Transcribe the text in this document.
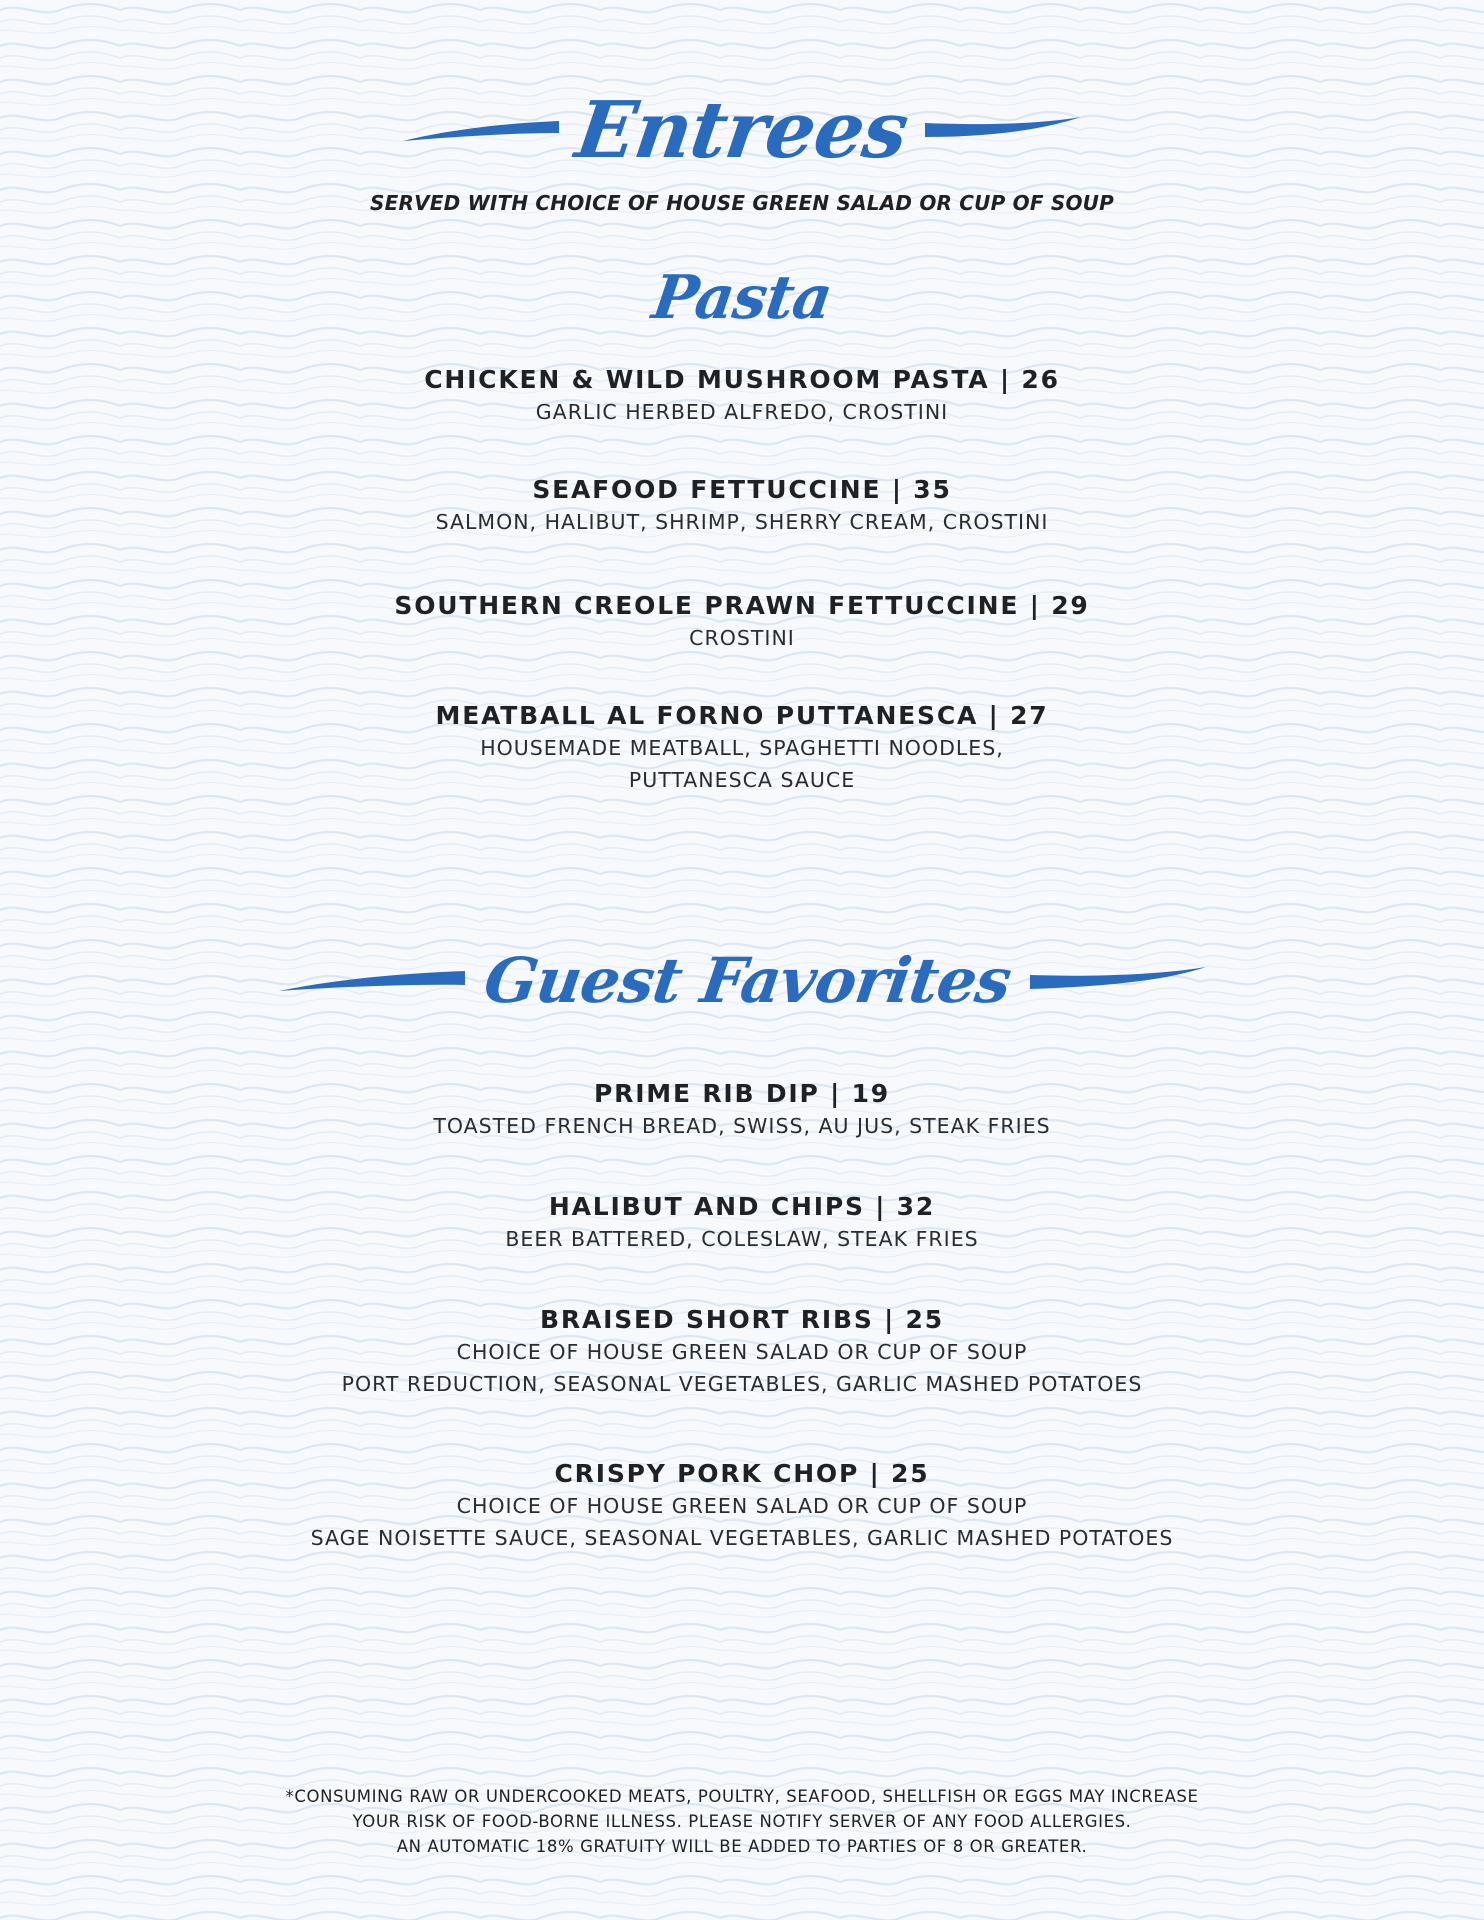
Entrees
SERVED WITH CHOICE OF HOUSE GREEN SALAD OR CUP OF SOUP
Pasta
CHICKEN & WILD MUSHROOM PASTA | 26
GARLIC HERBED ALFREDO, CROSTINI
SEAFOOD FETTUCCINE | 35
SALMON, HALIBUT, SHRIMP, SHERRY CREAM, CROSTINI
SOUTHERN CREOLE PRAWN FETTUCCINE | 29
CROSTINI
MEATBALL AL FORNO PUTTANESCA | 27
HOUSEMADE MEATBALL, SPAGHETTI NOODLES,
PUTTANESCA SAUCE
Guest Favorites
PRIME RIB DIP | 19
TOASTED FRENCH BREAD, SWISS, AU JUS, STEAK FRIES
HALIBUT AND CHIPS | 32
BEER BATTERED, COLESLAW, STEAK FRIES
BRAISED SHORT RIBS | 25
CHOICE OF HOUSE GREEN SALAD OR CUP OF SOUP
PORT REDUCTION, SEASONAL VEGETABLES, GARLIC MASHED POTATOES
CRISPY PORK CHOP | 25
CHOICE OF HOUSE GREEN SALAD OR CUP OF SOUP
SAGE NOISETTE SAUCE, SEASONAL VEGETABLES, GARLIC MASHED POTATOES
*CONSUMING RAW OR UNDERCOOKED MEATS, POULTRY, SEAFOOD, SHELLFISH OR EGGS MAY INCREASE
YOUR RISK OF FOOD-BORNE ILLNESS. PLEASE NOTIFY SERVER OF ANY FOOD ALLERGIES.
AN AUTOMATIC 18% GRATUITY WILL BE ADDED TO PARTIES OF 8 OR GREATER.
